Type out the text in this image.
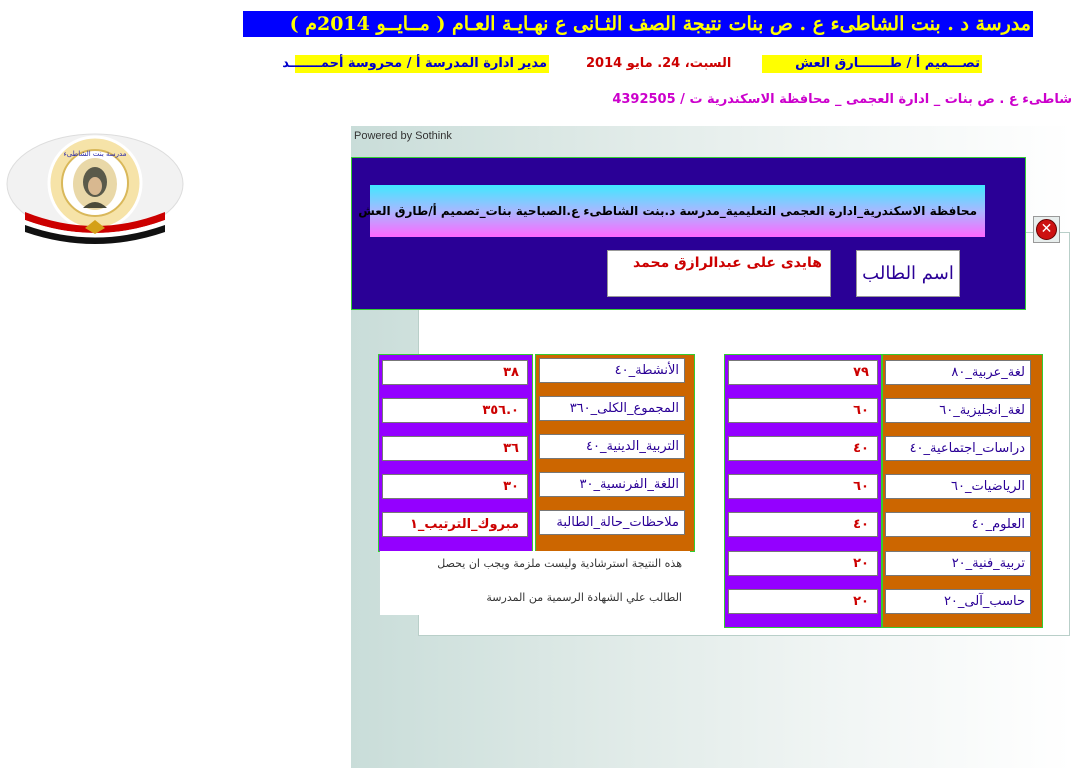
مدرسة د . بنت الشاطىء ع . ص بنات نتيجة الصف الثـانى ع نهـايـة العـام ( مــايــو 2014م )
تصـــميم أ / طـــــــارق العش
السبت، 24. مايو 2014
مدير ادارة المدرسة أ / محروسة أحمـــــــد
شاطىء ع . ص بنات _ ادارة العجمى _ محافظة الاسكندرية ت / 4392505
مدرسة بنت الشاطىء
Powered by Sothink
محافظة الاسكندرية_ادارة العجمى التعليمية_مدرسة د.بنت الشاطىء ع.الصباحية بنات_تصميم أ/طارق العش
اسم الطالب
هايدى على عبدالرازق محمد
✕
٧٩
٦٠
٤٠
٦٠
٤٠
٢٠
٢٠
لغة_عربية_٨٠
لغة_انجليزية_٦٠
دراسات_اجتماعية_٤٠
الرياضيات_٦٠
العلوم_٤٠
تربية_فنية_٢٠
حاسب_آلى_٢٠
٣٨
٣٥٦.٠
٣٦
٣٠
مبروك_الترتيب_١
الأنشطة_٤٠
المجموع_الكلى_٣٦٠
التربية_الدينية_٤٠
اللغة_الفرنسية_٣٠
ملاحظات_حالة_الطالبة
هذه النتيجة استرشادية وليست ملزمة ويجب ان يحصل
الطالب علي الشهادة الرسمية من المدرسة
